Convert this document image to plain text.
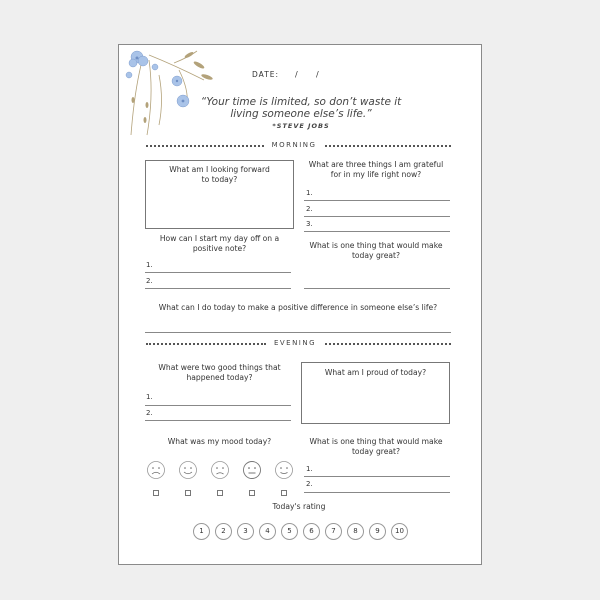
DATE: / /
“Your time is limited, so don’t waste it
living someone else’s life.”
*STEVE JOBS
MORNING
What am I looking forward
to today?
What are three things I am grateful
for in my life right now?
1.
2.
3.
How can I start my day off on a
positive note?
1.
2.
What is one thing that would make
today great?
What can I do today to make a positive difference in someone else’s life?
EVENING
What were two good things that
happened today?
1.
2.
What am I proud of today?
What was my mood today?	What is one thing that would make
today great?
1.
2.
Today's rating
1	2	3	4	5	6	7	8	9	10
